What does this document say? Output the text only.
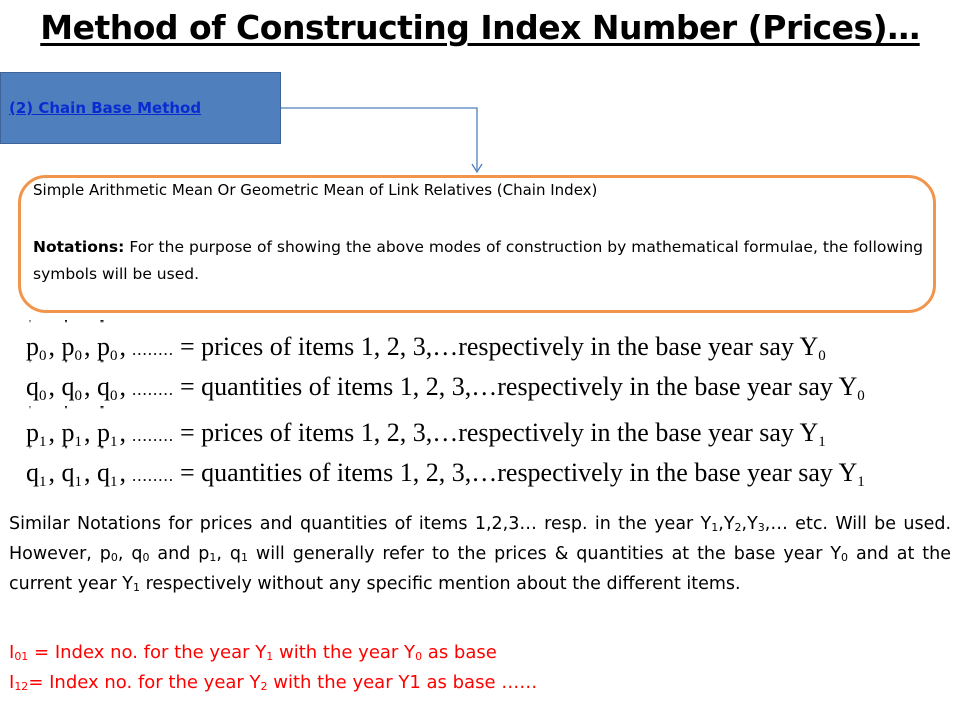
Method of Constructing Index Number (Prices)…
(2) Chain Base Method
Simple Arithmetic Mean Or Geometric Mean of Link Relatives (Chain Index)
Notations: For the purpose of showing the above modes of construction by mathematical formulae, the following symbols will be used.
p
'
$_0$, p
''
$_0$, p
'''
$_0$, ........ = prices of items 1, 2, 3,…respectively in the base year say $Y_0$
q
'
$_0$, q
''
$_0$, q
'''
$_0$, ........ = quantities of items 1, 2, 3,…respectively in the base year say $Y_0$
p
'
$_1$, p
''
$_1$, p
'''
$_1$, ........ = prices of items 1, 2, 3,…respectively in the base year say $Y_1$
q
'
$_1$, q
''
$_1$, q
'''
$_1$, ........ = quantities of items 1, 2, 3,…respectively in the base year say $Y_1$
Similar Notations for prices and quantities of items 1,2,3… resp. in the year $Y_1,Y_2,Y_3,\dots$ etc. Will be used. However, $p_0$, $q_0$ and $p_1$, $q_1$ will generally refer to the prices & quantities at the base year $Y_0$ and at the current year $Y_1$ respectively without any specific mention about the different items.
$I_{01}$ = Index no. for the year $Y_1$ with the year $Y_0$ as base
$I_{12}=$ Index no. for the year $Y_2$ with the year Y1 as base ……
